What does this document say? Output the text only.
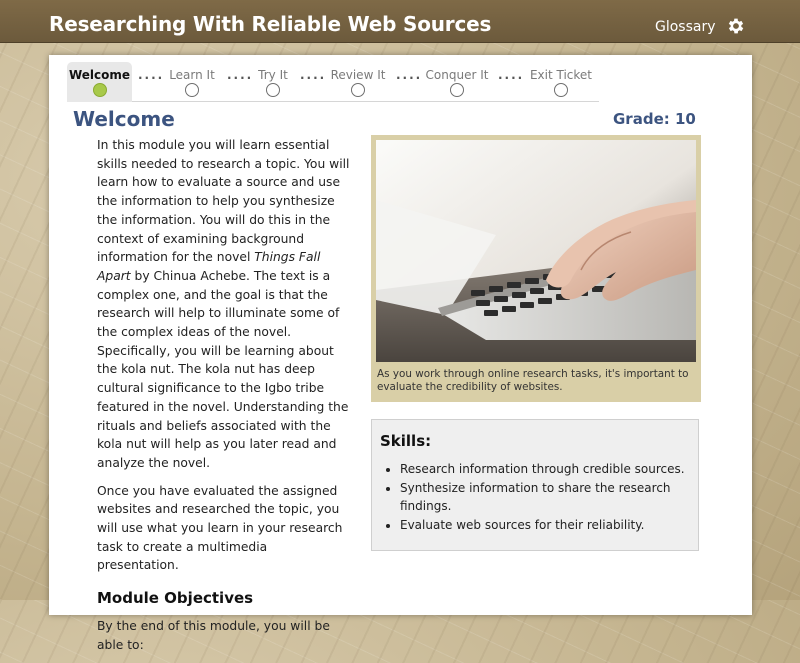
Researching With Reliable Web Sources	Glossary
Welcome ···· Learn It ···· Try It	···· Review It ···· Conquer It ···· Exit Ticket
Welcome	Grade: 10

In this module you will learn essential skills needed to research a topic. You will learn how to evaluate a source and use the information to help you synthesize the information. You will do this in the context of examining background information for the novel Things Fall Apart by Chinua Achebe. The text is a complex one, and the goal is that the research will help to illuminate some of the complex ideas of the novel. Specifically, you will be learning about the kola nut. The kola nut has deep cultural significance to the Igbo tribe featured in the novel. Understanding the rituals and beliefs associated with the kola nut will help as you later read and analyze the novel.

Once you have evaluated the assigned websites and researched the topic, you will use what you learn in your research task to create a multimedia presentation.

Module Objectives

By the end of this module, you will be able to:

As you work through online research tasks, it's important to evaluate the credibility of websites.
Skills:
• Research information through credible sources.
• Synthesize information to share the research findings.
• Evaluate web sources for their reliability.
